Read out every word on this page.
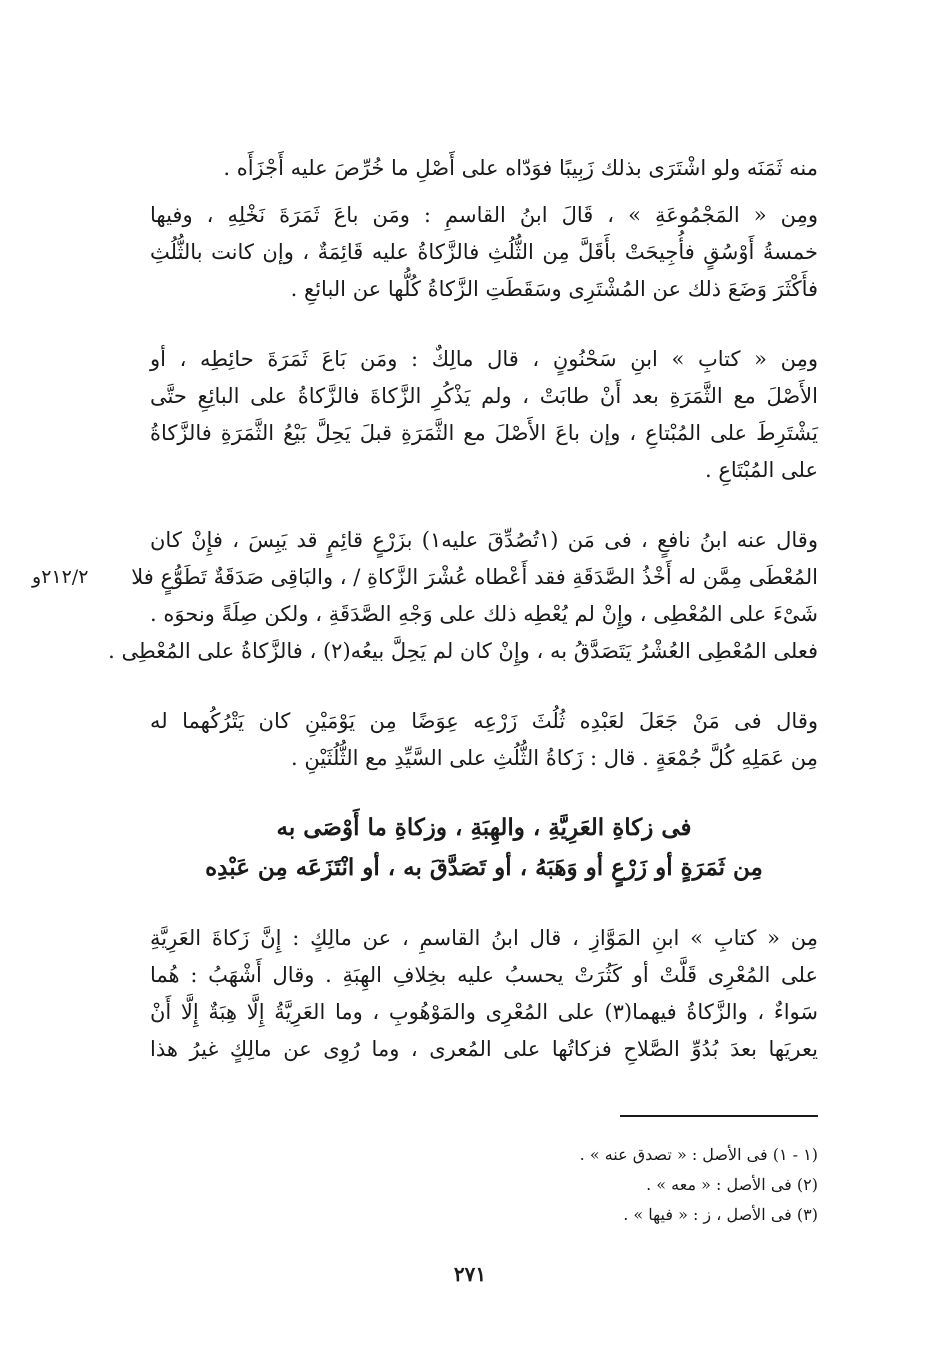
منه ثَمَنَه ولو اشْتَرَى بذلك زَبِيبًا فوَدّاه على أَصْلِ ما خُرِّصَ عليه أَجْزَأَه .
ومِن « المَجْمُوعَةِ » ، قَالَ ابنُ القاسمِ : ومَن باعَ ثَمَرَةَ نَخْلِهِ ، وفيها
خمسةُ أَوْسُقٍ فأُجِيحَتْ بأَقَلَّ مِن الثُّلُثِ فالزَّكاةُ عليه قَائِمَةٌ ، وإن كانت بالثُّلُثِ
فأَكْثَرَ وَضَعَ ذلك عن المُشْتَرِى وسَقَطَتِ الزَّكاةُ كُلُّها عن البائعِ .
ومِن « كتابِ » ابنِ سَحْنُونٍ ، قال مالِكٌ : ومَن بَاعَ ثَمَرَةَ حائِطِه ، أو
الأَصْلَ مع الثَّمَرَةِ بعد أَنْ طابَتْ ، ولم يَذْكُرِ الزَّكاةَ فالزَّكاةُ على البائِعِ حتَّى
يَشْتَرِطَ على المُبْتاعِ ، وإن باعَ الأَصْلَ مع الثَّمَرَةِ قبلَ يَحِلَّ بَيْعُ الثَّمَرَةِ فالزَّكاةُ
على المُبْتَاعِ .
وقال عنه ابنُ نافعٍ ، فى مَن (١تُصُدِّقَ عليه١) بزَرْعٍ قائِمٍ قد يَبِسَ ، فإِنْ كان
المُعْطَى مِمَّن له أَخْذُ الصَّدَقَةِ فقد أَعْطاه عُشْرَ الزَّكاةِ / ، والبَاقِى صَدَقَةٌ تَطَوُّعٍ فلا
شَىْءَ على المُعْطِى ، وإِنْ لم يُعْطِه ذلك على وَجْهِ الصَّدَقَةِ ، ولكن صِلَةً ونحوَه .
فعلى المُعْطِى العُشْرُ يَتَصَدَّقُ به ، وإِنْ كان لم يَحِلَّ بيعُه(٢) ، فالزَّكاةُ على المُعْطِى .
٢١٢/٢و
وقال فى مَنْ جَعَلَ لعَبْدِه ثُلُثَ زَرْعِه عِوَضًا مِن يَوْمَيْنِ كان يَتْرُكُهما له
مِن عَمَلِهِ كُلَّ جُمْعَةٍ . قال : زَكاةُ الثُّلُثِ على السَّيِّدِ مع الثُّلُثَيْنِ .
فى زكاةِ العَرِيَّةِ ، والهِبَةِ ، وزكاةِ ما أَوْصَى به
مِن ثَمَرَةٍ أو زَرْعٍ أو وَهَبَهُ ، أو تَصَدَّقَ به ، أو انْتَزَعَه مِن عَبْدِه
مِن « كتابِ » ابنِ المَوَّازِ ، قال ابنُ القاسمِ ، عن مالِكٍ : إِنَّ زَكاةَ العَرِيَّةِ
على المُعْرِى قَلَّتْ أو كَثُرَتْ يحسبُ عليه بخِلافِ الهِبَةِ . وقال أَشْهَبُ : هُما
سَواءٌ ، والزَّكاةُ فيهما(٣) على المُعْرِى والمَوْهُوبِ ، وما العَرِيَّةُ إِلَّا هِبَةٌ إِلَّا أَنْ
يعريَها بعدَ بُدُوِّ الصَّلاحِ فزكاتُها على المُعرى ، وما رُوِى عن مالِكٍ غيرُ هذا
(١ - ١) فى الأصل : « تصدق عنه » .
(٢) فى الأصل : « معه » .
(٣) فى الأصل ، ز : « فيها » .
٢٧١
